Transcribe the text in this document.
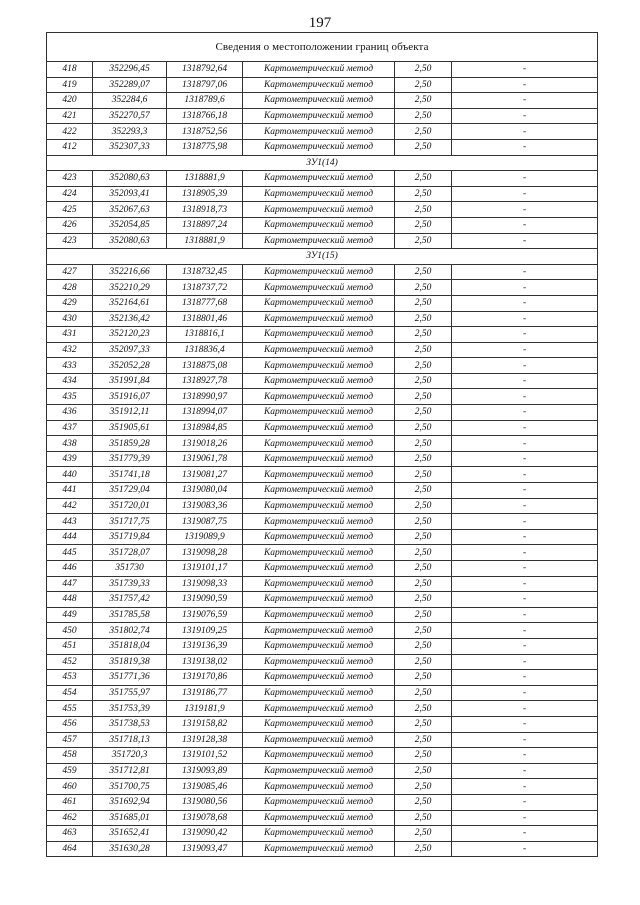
197
Сведения о местоположении границ объекта					
418	352296,45	1318792,64	Картометрический метод	2,50	-
419	352289,07	1318797,06	Картометрический метод	2,50	-
420	352284,6	1318789,6	Картометрический метод	2,50	-
421	352270,57	1318766,18	Картометрический метод	2,50	-
422	352293,3	1318752,56	Картометрический метод	2,50	-
412	352307,33	1318775,98	Картометрический метод	2,50	-
ЗУ1(14)					
423	352080,63	1318881,9	Картометрический метод	2,50	-
424	352093,41	1318905,39	Картометрический метод	2,50	-
425	352067,63	1318918,73	Картометрический метод	2,50	-
426	352054,85	1318897,24	Картометрический метод	2,50	-
423	352080,63	1318881,9	Картометрический метод	2,50	-
ЗУ1(15)					
427	352216,66	1318732,45	Картометрический метод	2,50	-
428	352210,29	1318737,72	Картометрический метод	2,50	-
429	352164,61	1318777,68	Картометрический метод	2,50	-
430	352136,42	1318801,46	Картометрический метод	2,50	-
431	352120,23	1318816,1	Картометрический метод	2,50	-
432	352097,33	1318836,4	Картометрический метод	2,50	-
433	352052,28	1318875,08	Картометрический метод	2,50	-
434	351991,84	1318927,78	Картометрический метод	2,50	-
435	351916,07	1318990,97	Картометрический метод	2,50	-
436	351912,11	1318994,07	Картометрический метод	2,50	-
437	351905,61	1318984,85	Картометрический метод	2,50	-
438	351859,28	1319018,26	Картометрический метод	2,50	-
439	351779,39	1319061,78	Картометрический метод	2,50	-
440	351741,18	1319081,27	Картометрический метод	2,50	-
441	351729,04	1319080,04	Картометрический метод	2,50	-
442	351720,01	1319083,36	Картометрический метод	2,50	-
443	351717,75	1319087,75	Картометрический метод	2,50	-
444	351719,84	1319089,9	Картометрический метод	2,50	-
445	351728,07	1319098,28	Картометрический метод	2,50	-
446	351730	1319101,17	Картометрический метод	2,50	-
447	351739,33	1319098,33	Картометрический метод	2,50	-
448	351757,42	1319090,59	Картометрический метод	2,50	-
449	351785,58	1319076,59	Картометрический метод	2,50	-
450	351802,74	1319109,25	Картометрический метод	2,50	-
451	351818,04	1319136,39	Картометрический метод	2,50	-
452	351819,38	1319138,02	Картометрический метод	2,50	-
453	351771,36	1319170,86	Картометрический метод	2,50	-
454	351755,97	1319186,77	Картометрический метод	2,50	-
455	351753,39	1319181,9	Картометрический метод	2,50	-
456	351738,53	1319158,82	Картометрический метод	2,50	-
457	351718,13	1319128,38	Картометрический метод	2,50	-
458	351720,3	1319101,52	Картометрический метод	2,50	-
459	351712,81	1319093,89	Картометрический метод	2,50	-
460	351700,75	1319085,46	Картометрический метод	2,50	-
461	351692,94	1319080,56	Картометрический метод	2,50	-
462	351685,01	1319078,68	Картометрический метод	2,50	-
463	351652,41	1319090,42	Картометрический метод	2,50	-
464	351630,28	1319093,47	Картометрический метод	2,50	-
